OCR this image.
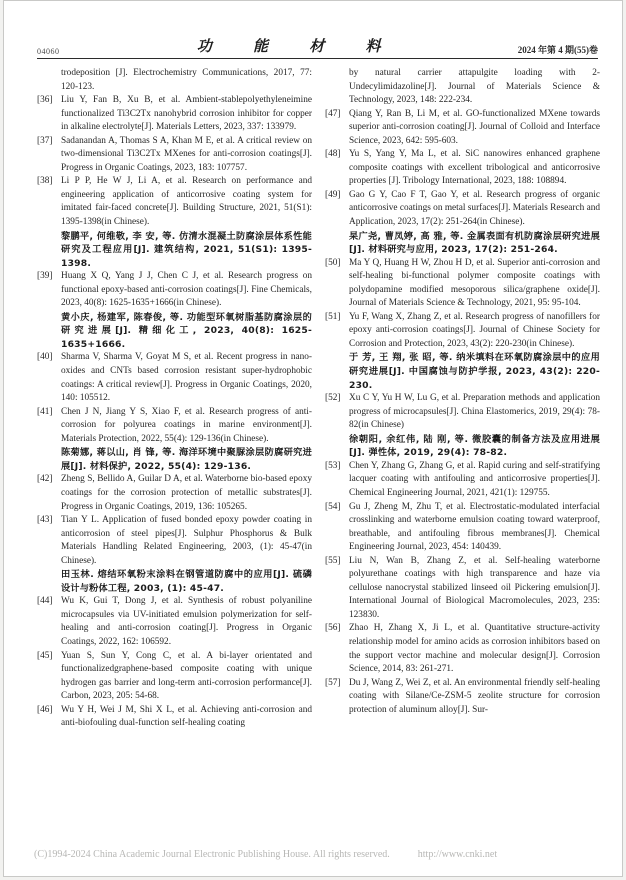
04060	功 能 材 料	2024 年第 4 期(55)卷
trodeposition [J]. Electrochemistry Communications, 2017, 77: 120-123.
[36] Liu Y, Fan B, Xu B, et al. Ambient-stablepolyethyleneimine functionalized Ti3C2Tx nanohybrid corrosion inhibitor for copper in alkaline electrolyte[J]. Materials Letters, 2023, 337: 133979.
[37] Sadanandan A, Thomas S A, Khan M E, et al. A critical review on two-dimensional Ti3C2Tx MXenes for anti-corrosion coatings[J]. Progress in Organic Coatings, 2023, 183: 107757.
[38] Li P P, He W J, Li A, et al. Research on performance and engineering application of anticorrosive coating system for imitated fair-faced concrete[J]. Building Structure, 2021, 51(S1): 1395-1398(in Chinese).
黎鹏平, 何维敬, 李 安, 等. 仿清水混凝土防腐涂层体系性能研究及工程应用[J]. 建筑结构, 2021, 51(S1): 1395-1398.
[39] Huang X Q, Yang J J, Chen C J, et al. Research progress on functional epoxy-based anti-corrosion coatings[J]. Fine Chemicals, 2023, 40(8): 1625-1635+1666(in Chinese).
黄小庆, 杨建军, 陈春俊, 等. 功能型环氧树脂基防腐涂层的研究进展[J]. 精细化工, 2023, 40(8): 1625-1635+1666.
[40] Sharma V, Sharma V, Goyat M S, et al. Recent progress in nano-oxides and CNTs based corrosion resistant super-hydrophobic coatings: A critical review[J]. Progress in Organic Coatings, 2020, 140: 105512.
[41] Chen J N, Jiang Y S, Xiao F, et al. Research progress of anti-corrosion for polyurea coatings in marine environment[J]. Materials Protection, 2022, 55(4): 129-136(in Chinese).
陈菊娜, 蒋以山, 肖 锋, 等. 海洋环境中聚脲涂层防腐研究进展[J]. 材料保护, 2022, 55(4): 129-136.
[42] Zheng S, Bellido A, Guilar D A, et al. Waterborne bio-based epoxy coatings for the corrosion protection of metallic substrates[J]. Progress in Organic Coatings, 2019, 136: 105265.
[43] Tian Y L. Application of fused bonded epoxy powder coating in anticorrosion of steel pipes[J]. Sulphur Phosphorus & Bulk Materials Handling Related Engineering, 2003, (1): 45-47(in Chinese).
田玉林. 熔结环氧粉末涂料在钢管道防腐中的应用[J]. 硫磷设计与粉体工程, 2003, (1): 45-47.
[44] Wu K, Gui T, Dong J, et al. Synthesis of robust polyaniline microcapsules via UV-initiated emulsion polymerization for self-healing and anti-corrosion coating[J]. Progress in Organic Coatings, 2022, 162: 106592.
[45] Yuan S, Sun Y, Cong C, et al. A bi-layer orientated and functionalizedgraphene-based composite coating with unique hydrogen gas barrier and long-term anti-corrosion performance[J]. Carbon, 2023, 205: 54-68.
[46] Wu Y H, Wei J M, Shi X L, et al. Achieving anti-corrosion and anti-biofouling dual-function self-healing coating
by natural carrier attapulgite loading with 2-Undecylimidazoline[J]. Journal of Materials Science & Technology, 2023, 148: 222-234.
[47] Qiang Y, Ran B, Li M, et al. GO-functionalized MXene towards superior anti-corrosion coating[J]. Journal of Colloid and Interface Science, 2023, 642: 595-603.
[48] Yu S, Yang Y, Ma L, et al. SiC nanowires enhanced graphene composite coatings with excellent tribological and anticorrosive properties [J]. Tribology International, 2023, 188: 108894.
[49] Gao G Y, Cao F T, Gao Y, et al. Research progress of organic anticorrosive coatings on metal surfaces[J]. Materials Research and Application, 2023, 17(2): 251-264(in Chinese).
杲广尧, 曹凤婷, 高 雅, 等. 金属表面有机防腐涂层研究进展[J]. 材料研究与应用, 2023, 17(2): 251-264.
[50] Ma Y Q, Huang H W, Zhou H D, et al. Superior anti-corrosion and self-healing bi-functional polymer composite coatings with polydopamine modified mesoporous silica/graphene oxide[J]. Journal of Materials Science & Technology, 2021, 95: 95-104.
[51] Yu F, Wang X, Zhang Z, et al. Research progress of nanofillers for epoxy anti-corrosion coatings[J]. Journal of Chinese Society for Corrosion and Protection, 2023, 43(2): 220-230(in Chinese).
于 芳, 王 翔, 张 昭, 等. 纳米填料在环氧防腐涂层中的应用研究进展[J]. 中国腐蚀与防护学报, 2023, 43(2): 220-230.
[52] Xu C Y, Yu H W, Lu G, et al. Preparation methods and application progress of microcapsules[J]. China Elastomerics, 2019, 29(4): 78-82(in Chinese)
徐朝阳, 余红伟, 陆 刚, 等. 微胶囊的制备方法及应用进展[J]. 弹性体, 2019, 29(4): 78-82.
[53] Chen Y, Zhang G, Zhang G, et al. Rapid curing and self-stratifying lacquer coating with antifouling and anticorrosive properties[J]. Chemical Engineering Journal, 2021, 421(1): 129755.
[54] Gu J, Zheng M, Zhu T, et al. Electrostatic-modulated interfacial crosslinking and waterborne emulsion coating toward waterproof, breathable, and antifouling fibrous membranes[J]. Chemical Engineering Journal, 2023, 454: 140439.
[55] Liu N, Wan B, Zhang Z, et al. Self-healing waterborne polyurethane coatings with high transparence and haze via cellulose nanocrystal stabilized linseed oil Pickering emulsion[J]. International Journal of Biological Macromolecules, 2023, 235: 123830.
[56] Zhao H, Zhang X, Ji L, et al. Quantitative structure-activity relationship model for amino acids as corrosion inhibitors based on the support vector machine and molecular design[J]. Corrosion Science, 2014, 83: 261-271.
[57] Du J, Wang Z, Wei Z, et al. An environmental friendly self-healing coating with Silane/Ce-ZSM-5 zeolite structure for corrosion protection of aluminum alloy[J]. Sur-
(C)1994-2024 China Academic Journal Electronic Publishing House. All rights reserved.	http://www.cnki.net
